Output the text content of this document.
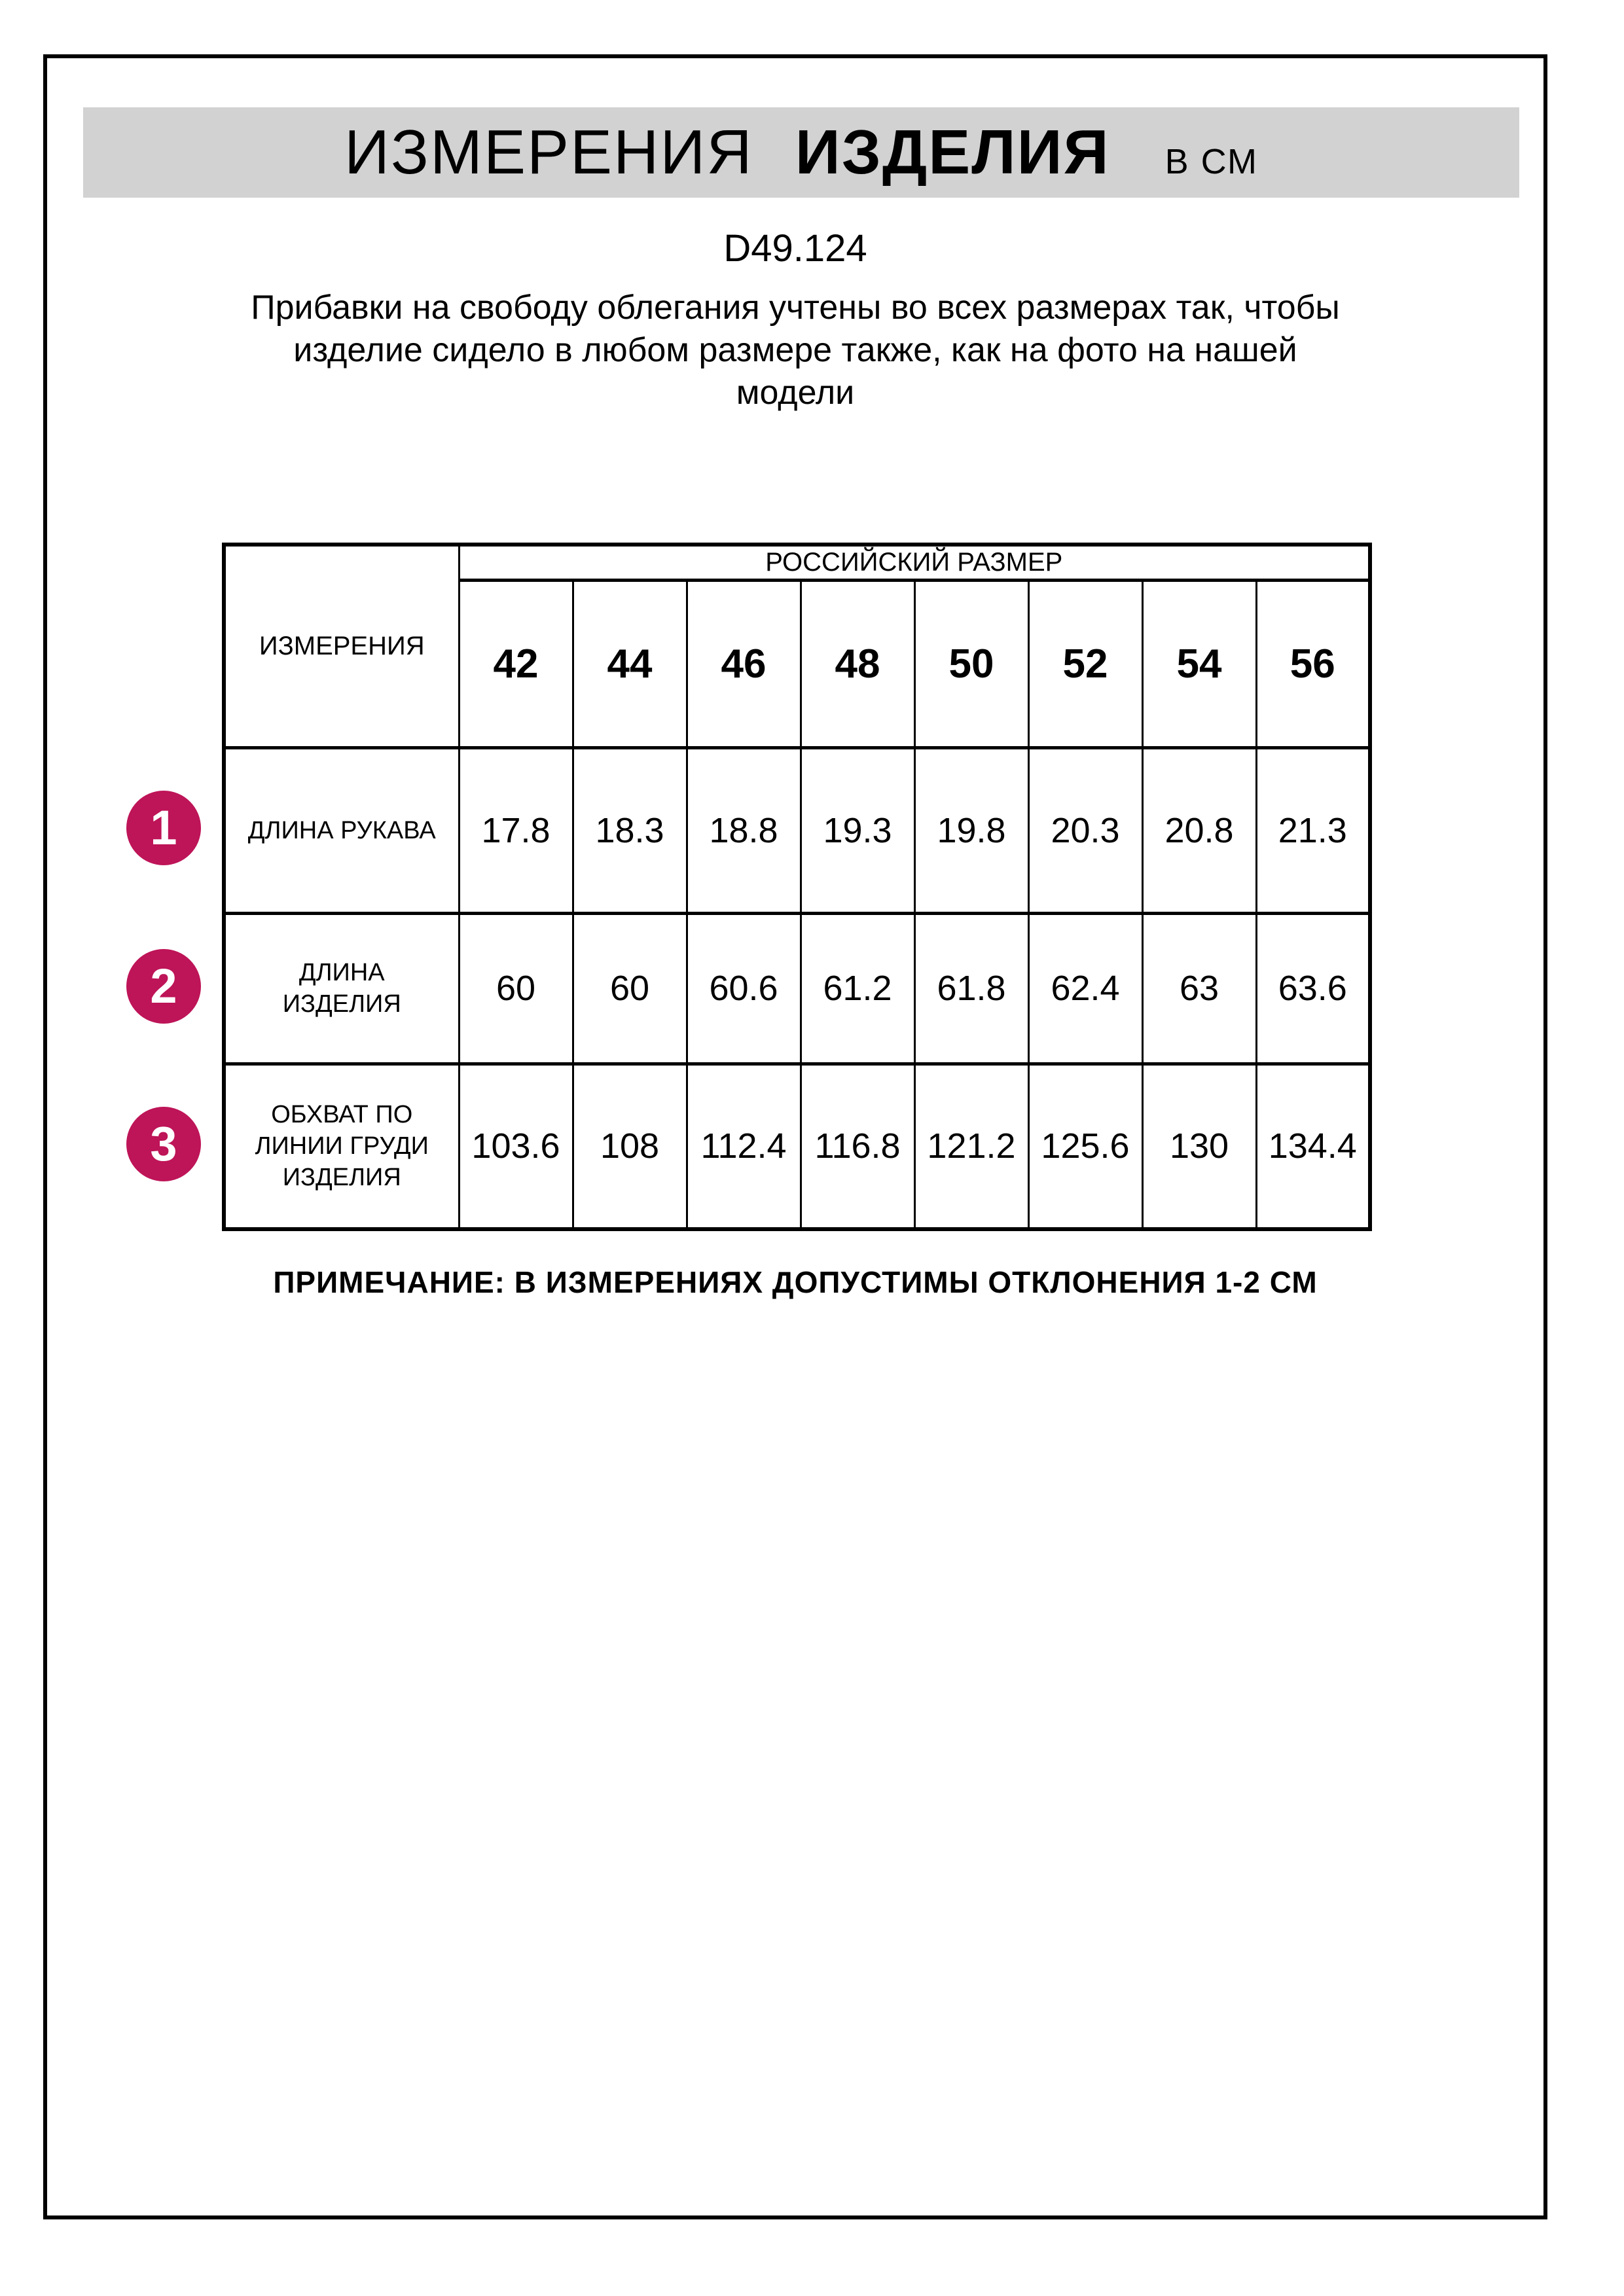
ИЗМЕРЕНИЯ ИЗДЕЛИЯ В СМ
D49.124
Прибавки на свободу облегания учтены во всех размерах так, чтобы
изделие сидело в любом размере также, как на фото на нашей
модели
ИЗМЕРЕНИЯ	РОССИЙСКИЙ РАЗМЕР							
	42	44	46	48	50	52	54	56

ДЛИНА РУКАВА	17.8	18.3	18.8	19.3	19.8	20.3	20.8	21.3

ДЛИНА
ИЗДЕЛИЯ	60	60	60.6	61.2	61.8	62.4	63	63.6

ОБХВАТ ПО
ЛИНИИ ГРУДИ
ИЗДЕЛИЯ	103.6	108	112.4	116.8	121.2	125.6	130	134.4
1
2
3
ПРИМЕЧАНИЕ: В ИЗМЕРЕНИЯХ ДОПУСТИМЫ ОТКЛОНЕНИЯ 1-2 СМ
